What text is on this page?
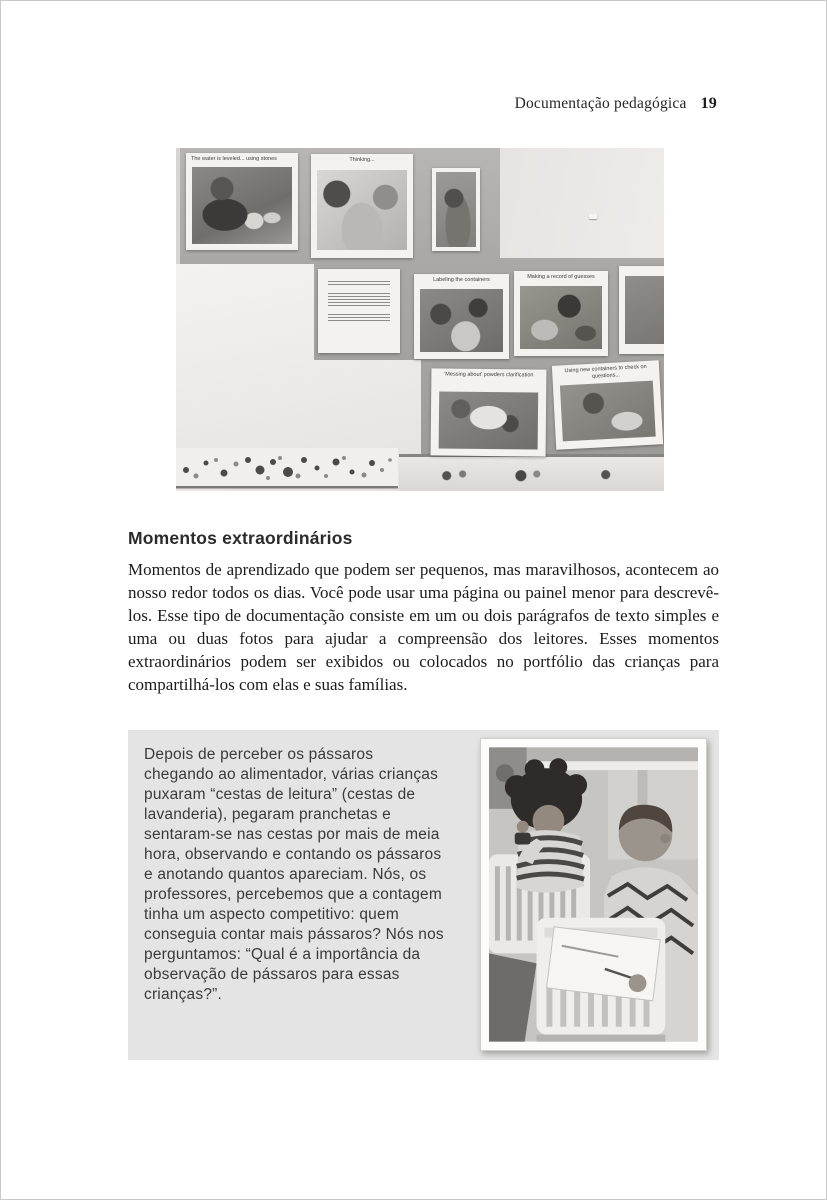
Documentação pedagógica 19
The water is leveled... using stones	Thinking...
Labeling the containers	Making a record of guesses
'Messing about' powders clarification
Using new containers to check on questions...
Momentos extraordinários

Momentos de aprendizado que podem ser pequenos, mas maravilhosos, acontecem ao nosso redor todos os dias. Você pode usar uma página ou painel menor para descrevê-los. Esse tipo de documentação consiste em um ou dois parágrafos de texto simples e uma ou duas fotos para ajudar a compreensão dos leitores. Esses momentos extraordinários podem ser exibidos ou colocados no portfólio das crianças para compartilhá-los com elas e suas famílias.

Depois de perceber os pássaros chegando ao alimentador, várias crianças puxaram “cestas de leitura” (cestas de lavanderia), pegaram pranchetas e sentaram-se nas cestas por mais de meia hora, observando e contando os pássaros e anotando quantos apareciam. Nós, os professores, percebemos que a contagem tinha um aspecto competitivo: quem conseguia contar mais pássaros? Nós nos perguntamos: “Qual é a importância da observação de pássaros para essas crianças?”.
